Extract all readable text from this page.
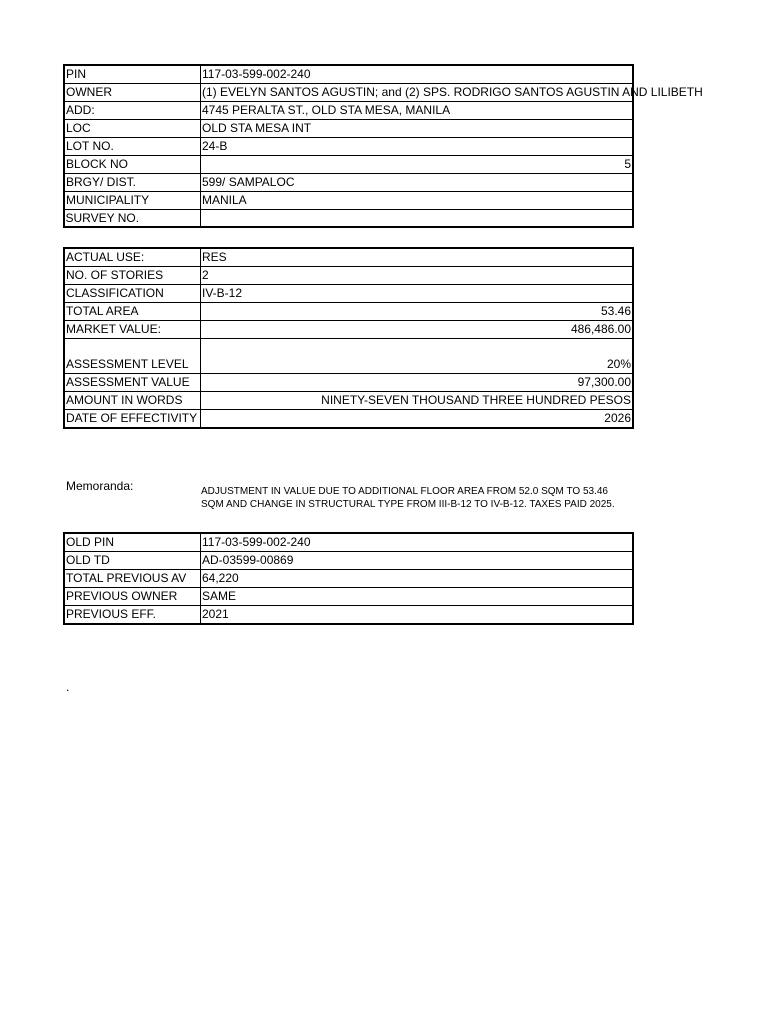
PIN	117-03-599-002-240
OWNER	(1) EVELYN SANTOS AGUSTIN; and (2) SPS. RODRIGO SANTOS AGUSTIN AND LILIBETH
ADD:	4745 PERALTA ST., OLD STA MESA, MANILA
LOC	OLD STA MESA INT
LOT NO.	24-B
BLOCK NO	5
BRGY/ DIST.	599/ SAMPALOC
MUNICIPALITY	MANILA
SURVEY NO.	
ACTUAL USE:	RES
NO. OF STORIES	2
CLASSIFICATION	IV-B-12
TOTAL AREA	53.46
MARKET VALUE:	486,486.00
ASSESSMENT LEVEL	20%
ASSESSMENT VALUE	97,300.00
AMOUNT IN WORDS	NINETY-SEVEN THOUSAND THREE HUNDRED PESOS
DATE OF EFFECTIVITY	2026
Memoranda:	ADJUSTMENT IN VALUE DUE TO ADDITIONAL FLOOR AREA FROM 52.0 SQM TO 53.46 SQM AND CHANGE IN STRUCTURAL TYPE FROM III-B-12 TO IV-B-12. TAXES PAID 2025.
OLD PIN	117-03-599-002-240
OLD TD	AD-03599-00869
TOTAL PREVIOUS AV	64,220
PREVIOUS OWNER	SAME
PREVIOUS EFF.	2021
.
